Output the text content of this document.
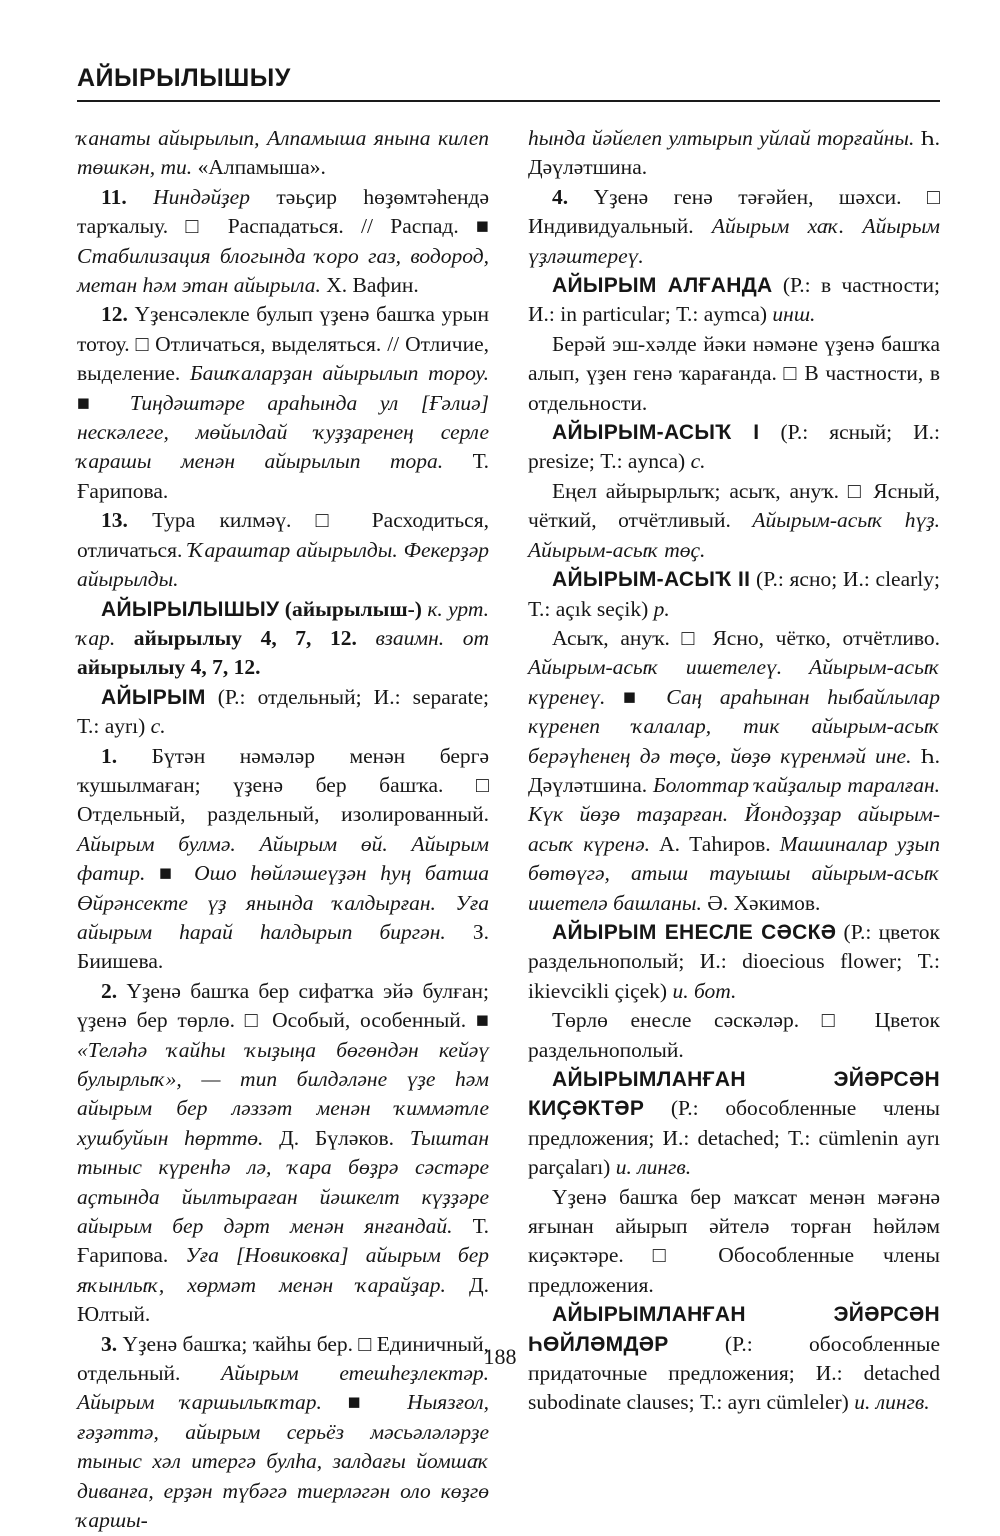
АЙЫРЫЛЫШЫУ

ҡанаты айырылып, Алпамыша янына килеп төшкән, ти. «Алпамыша».

11. Ниндәйҙер тәьҫир һөҙөмтәһендә тарҡалыу. □ Распадаться. // Распад. ■ Стабилизация блогында ҡоро газ, водород, метан һәм этан айырыла. Х. Вафин.

12. Үҙенсәлекле булып үҙенә башҡа урын тотоу. □ Отличаться, выделяться. // Отличие, выделение. Башҡаларҙан айырылып тороу. ■ Тиңдәштәре араһында ул [Ғәлиә] нескәлеге, мөйылдай ҡуҙҙаренең серле ҡарашы менән айырылып тора. Т. Ғарипова.

13. Тура килмәү. □ Расходиться, отличаться. Ҡараштар айырылды. Фекерҙәр айырылды.

АЙЫРЫЛЫШЫУ (айырылыш-) к. урт. ҡар. айырылыу 4, 7, 12. взаимн. от айырылыу 4, 7, 12.

АЙЫРЫМ (Р.: отдельный; И.: separate; Т.: ayrı) с.

1. Бүтән нәмәләр менән бергә ҡушылмаған; үҙенә бер башҡа. □ Отдельный, раздельный, изолированный. Айырым булмә. Айырым өй. Айырым фатир. ■ Ошо һөйләшеүҙән һуң батша Өйрәнсекте үҙ янында ҡалдырған. Уға айырым һарай һалдырып биргән. З. Биишева.

2. Үҙенә башҡа бер сифатҡа эйә булған; үҙенә бер төрлө. □ Особый, особенный. ■ «Теләһә ҡайһы ҡыҙыңа бөгөндән кейәү булырлыҡ», — тип билдәләне үҙе һәм айырым бер ләззәт менән ҡиммәтле хушбуйын һөрттө. Д. Бүләков. Тыштан тыныс күренһә лә, ҡара бөҙрә сәстәре аҫтында йылтыраған йәшкелт күҙҙәре айырым бер дәрт менән янғандай. Т. Ғарипова. Уға [Новиковка] айырым бер яҡынлыҡ, хөрмәт менән ҡарайҙар. Д. Юлтый.

3. Үҙенә башҡа; ҡайһы бер. □ Единичный, отдельный. Айырым етешһеҙлектәр. Айырым ҡаршылыҡтар. ■ Ныязғол, ғәҙәттә, айырым серьёз мәсьәләләрҙе тыныс хәл итергә булһа, залдағы йомшаҡ диванға, ерҙән түбәгә тиерләгән оло көҙгө ҡаршы-

һында йәйелеп ултырып уйлай торғайны. Һ. Дәүләтшина.

4. Үҙенә генә тәғәйен, шәхси. □ Индивидуальный. Айырым хаҡ. Айырым үҙләштереү.

АЙЫРЫМ АЛҒАНДА (Р.: в частности; И.: in particular; Т.: aymca) инш.

Берәй эш-хәлде йәки нәмәне үҙенә башҡа алып, үҙен генә ҡарағанда. □ В частности, в отдельности.

АЙЫРЫМ-АСЫҠ I (Р.: ясный; И.: presize; Т.: aynca) с.

Еңел айырырлыҡ; асыҡ, анyҡ. □ Ясный, чёткий, отчётливый. Айырым-асыҡ һүҙ. Айырым-асыҡ төҫ.

АЙЫРЫМ-АСЫҠ II (Р.: ясно; И.: clearly; Т.: açık seçik) р.

Асыҡ, анyҡ. □ Ясно, чётко, отчётливо. Айырым-асыҡ ишетелеү. Айырым-асыҡ күренеү. ■ Саң араһынан һыбайлылар күренеп ҡалалар, тик айырым-асыҡ берәүһенең дә төҫө, йөҙө күренмәй ине. Һ. Дәүләтшина. Болоттар ҡайҙалыр таралған. Күк йөҙө таҙарған. Йондоҙҙар айырым-асыҡ күренә. А. Таһиров. Машиналар уҙып бөтөүгә, атыш тауышы айырым-асыҡ ишетелә башланы. Ә. Хәкимов.

АЙЫРЫМ ЕНЕСЛЕ СӘСКӘ (Р.: цветок раздельнополый; И.: dioecious flower; Т.: ikievcikli çiçek) и. бот.

Төрлө енесле сәскәләр. □ Цветок раздельнополый.

АЙЫРЫМЛАНҒАН ЭЙӘРСӘН КИҪӘКТӘР (Р.: обособленные члены предложения; И.: detached; Т.: cümlenin ayrı parçaları) и. лингв.

Үҙенә башҡа бер маҡсат менән мәғәнә яғынан айырып әйтелә торған һөйләм киҫәктәре. □ Обособленные члены предложения.

АЙЫРЫМЛАНҒАН ЭЙӘРСӘН ҺӨЙЛӘМДӘР (Р.: обособленные придаточные предложения; И.: detached subodinate clauses; Т.: ayrı cümleler) и. лингв.

188
